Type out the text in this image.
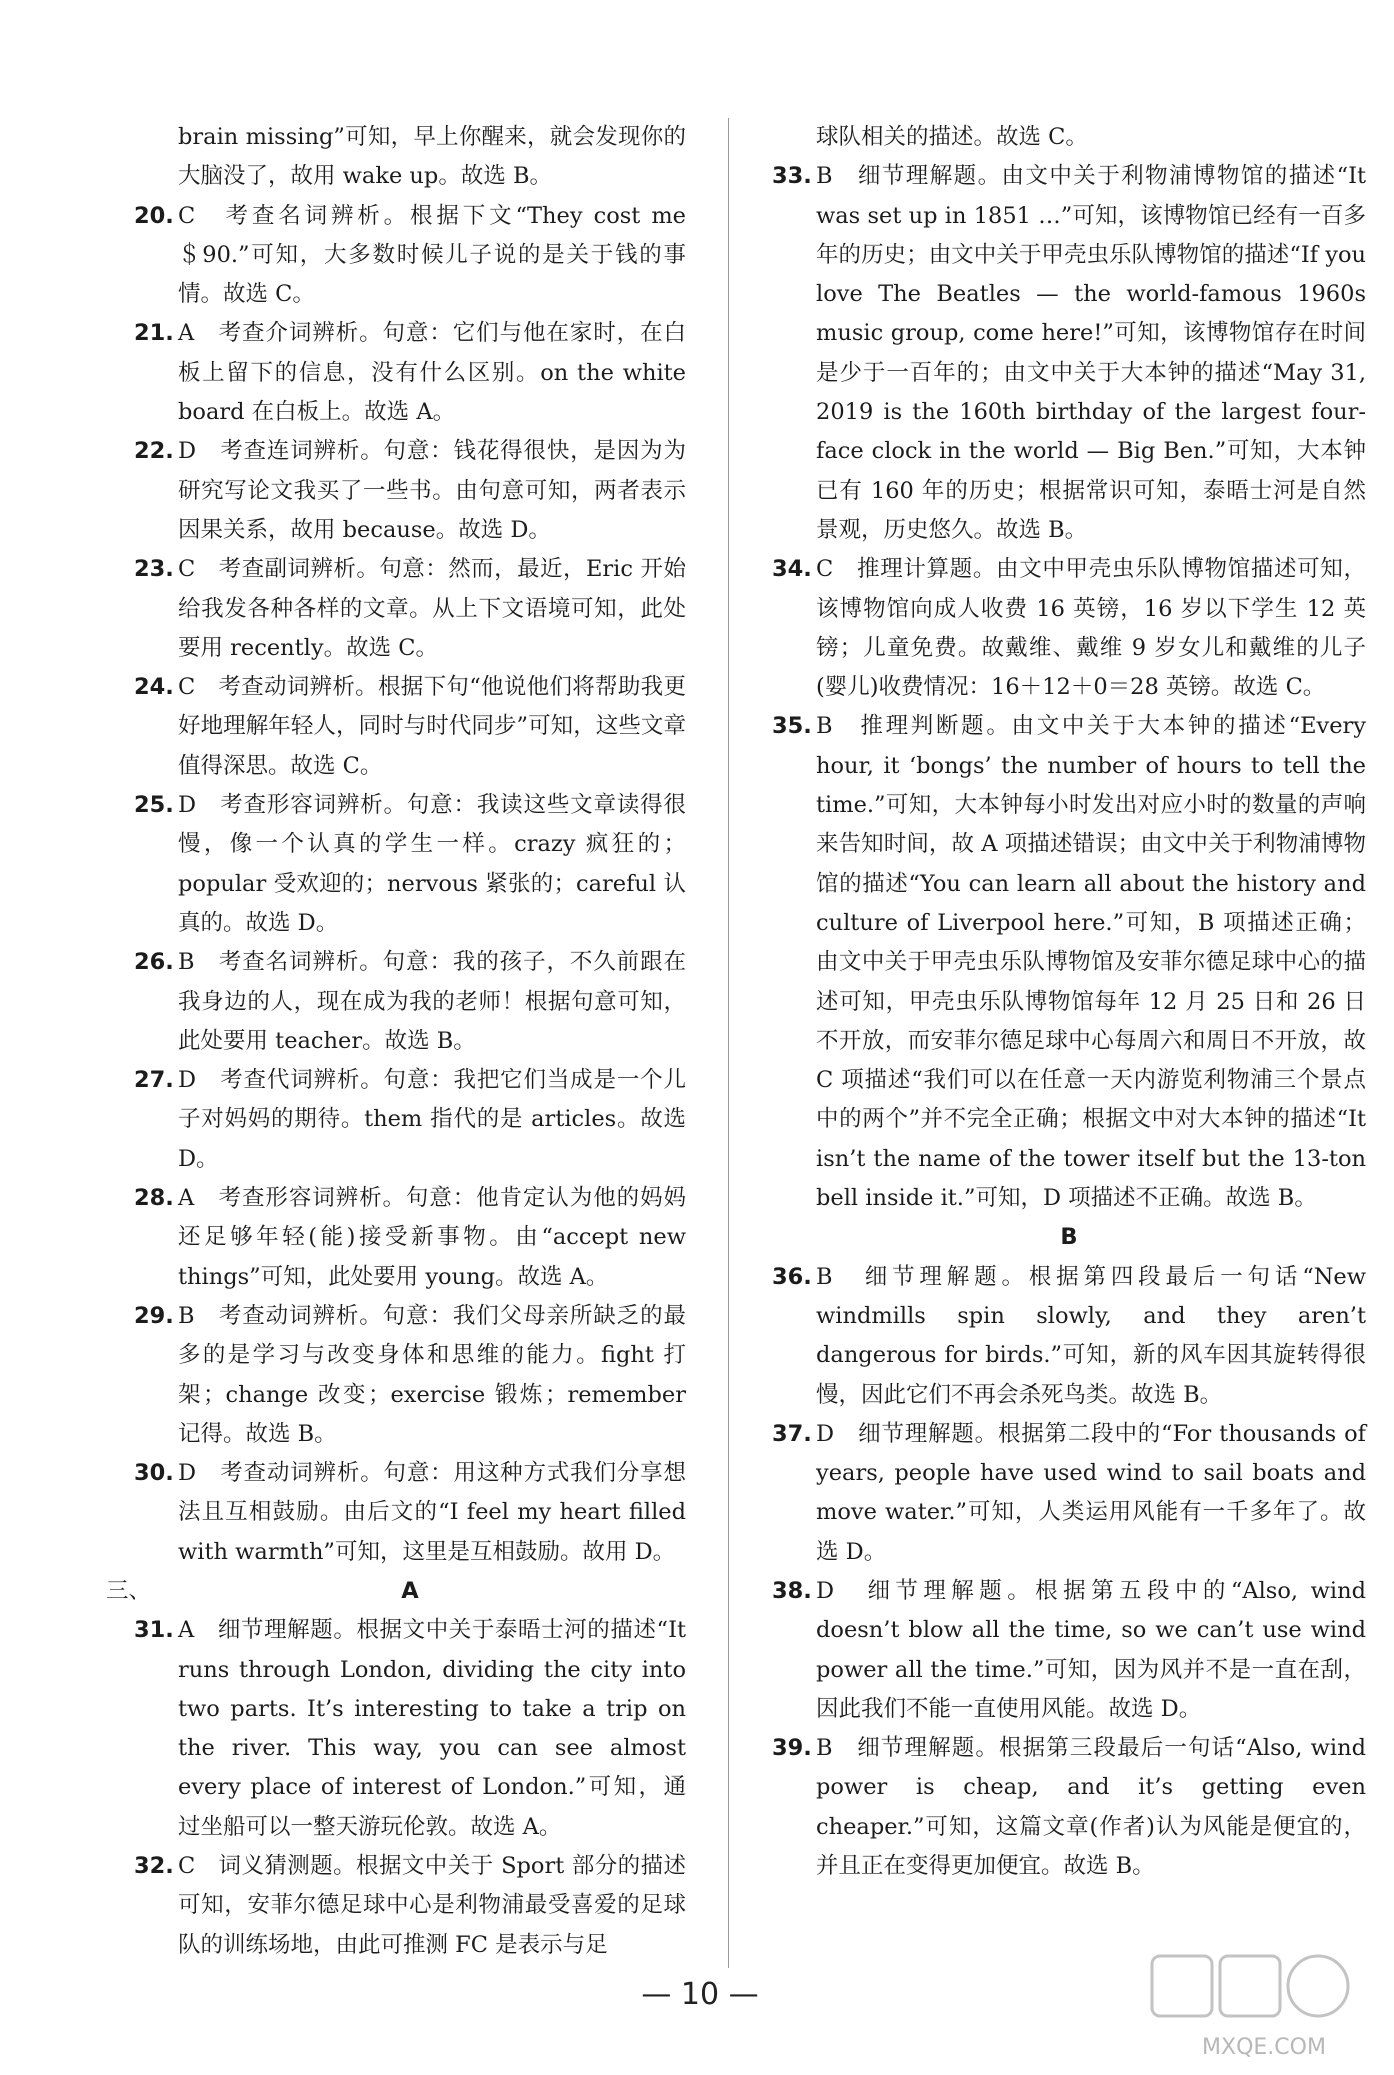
brain missing”可知，早上你醒来，就会发现你的大脑没了，故用 wake up。故选 B。
20. C　考查名词辨析。根据下文“They cost me ＄90.”可知，大多数时候儿子说的是关于钱的事情。故选 C。
21. A　考查介词辨析。句意：它们与他在家时，在白板上留下的信息，没有什么区别。on the white board 在白板上。故选 A。
22. D　考查连词辨析。句意：钱花得很快，是因为为研究写论文我买了一些书。由句意可知，两者表示因果关系，故用 because。故选 D。
23. C　考查副词辨析。句意：然而，最近，Eric 开始给我发各种各样的文章。从上下文语境可知，此处要用 recently。故选 C。
24. C　考查动词辨析。根据下句“他说他们将帮助我更好地理解年轻人，同时与时代同步”可知，这些文章值得深思。故选 C。
25. D　考查形容词辨析。句意：我读这些文章读得很慢，像一个认真的学生一样。crazy 疯狂的；popular 受欢迎的；nervous 紧张的；careful 认真的。故选 D。
26. B　考查名词辨析。句意：我的孩子，不久前跟在我身边的人，现在成为我的老师！根据句意可知，此处要用 teacher。故选 B。
27. D　考查代词辨析。句意：我把它们当成是一个儿子对妈妈的期待。them 指代的是 articles。故选 D。
28. A　考查形容词辨析。句意：他肯定认为他的妈妈还足够年轻(能)接受新事物。由“accept new things”可知，此处要用 young。故选 A。
29. B　考查动词辨析。句意：我们父母亲所缺乏的最多的是学习与改变身体和思维的能力。fight 打架；change 改变；exercise 锻炼；remember 记得。故选 B。
30. D　考查动词辨析。句意：用这种方式我们分享想法且互相鼓励。由后文的“I feel my heart filled with warmth”可知，这里是互相鼓励。故用 D。
三、	A
31. A　细节理解题。根据文中关于泰晤士河的描述“It runs through London, dividing the city into two parts. It’s interesting to take a trip on the river. This way, you can see almost every place of interest of London.”可知，通过坐船可以一整天游玩伦敦。故选 A。
32. C　词义猜测题。根据文中关于 Sport 部分的描述可知，安菲尔德足球中心是利物浦最受喜爱的足球队的训练场地，由此可推测 FC 是表示与足
球队相关的描述。故选 C。
33. B　细节理解题。由文中关于利物浦博物馆的描述“It was set up in 1851 …”可知，该博物馆已经有一百多年的历史；由文中关于甲壳虫乐队博物馆的描述“If you love The Beatles — the world-famous 1960s music group, come here!”可知，该博物馆存在时间是少于一百年的；由文中关于大本钟的描述“May 31, 2019 is the 160th birthday of the largest four-face clock in the world — Big Ben.”可知，大本钟已有 160 年的历史；根据常识可知，泰晤士河是自然景观，历史悠久。故选 B。
34. C　推理计算题。由文中甲壳虫乐队博物馆描述可知，该博物馆向成人收费 16 英镑，16 岁以下学生 12 英镑；儿童免费。故戴维、戴维 9 岁女儿和戴维的儿子(婴儿)收费情况：16＋12＋0＝28 英镑。故选 C。
35. B　推理判断题。由文中关于大本钟的描述“Every hour, it ‘bongs’ the number of hours to tell the time.”可知，大本钟每小时发出对应小时的数量的声响来告知时间，故 A 项描述错误；由文中关于利物浦博物馆的描述“You can learn all about the history and culture of Liverpool here.”可知，B 项描述正确；由文中关于甲壳虫乐队博物馆及安菲尔德足球中心的描述可知，甲壳虫乐队博物馆每年 12 月 25 日和 26 日不开放，而安菲尔德足球中心每周六和周日不开放，故 C 项描述“我们可以在任意一天内游览利物浦三个景点中的两个”并不完全正确；根据文中对大本钟的描述“It isn’t the name of the tower itself but the 13-ton bell inside it.”可知，D 项描述不正确。故选 B。
B
36. B　细节理解题。根据第四段最后一句话“New windmills spin slowly, and they aren’t dangerous for birds.”可知，新的风车因其旋转得很慢，因此它们不再会杀死鸟类。故选 B。
37. D　细节理解题。根据第二段中的“For thousands of years, people have used wind to sail boats and move water.”可知，人类运用风能有一千多年了。故选 D。
38. D　细节理解题。根据第五段中的“Also, wind doesn’t blow all the time, so we can’t use wind power all the time.”可知，因为风并不是一直在刮，因此我们不能一直使用风能。故选 D。
39. B　细节理解题。根据第三段最后一句话“Also, wind power is cheap, and it’s getting even cheaper.”可知，这篇文章(作者)认为风能是便宜的，并且正在变得更加便宜。故选 B。
— 10 —
MXQE.COM
